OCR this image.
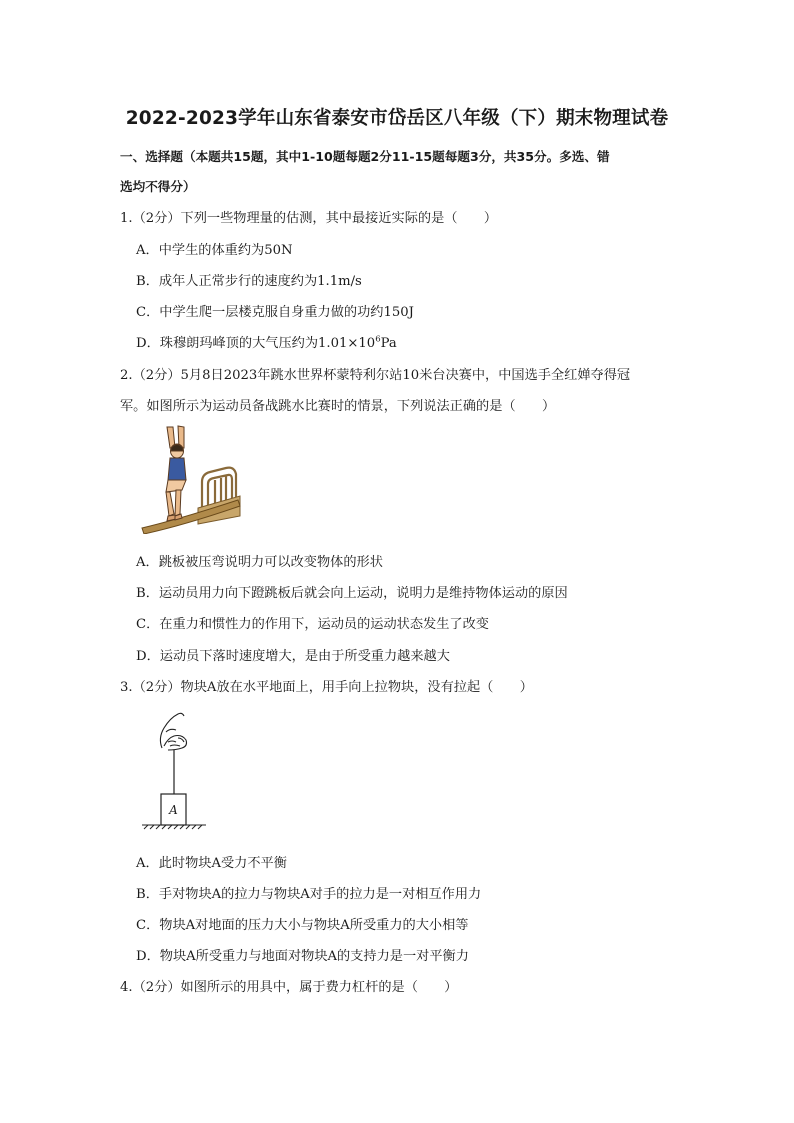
2022-2023学年山东省泰安市岱岳区八年级（下）期末物理试卷
一、选择题（本题共15题，其中1-10题每题2分11-15题每题3分，共35分。多选、错
选均不得分）
1.（2分）下列一些物理量的估测，其中最接近实际的是（　　）
A．中学生的体重约为50N
B．成年人正常步行的速度约为1.1m/s
C．中学生爬一层楼克服自身重力做的功约150J
D．珠穆朗玛峰顶的大气压约为$1.01\times 10^6Pa$
2.（2分）5月8日2023年跳水世界杯蒙特利尔站10米台决赛中，中国选手全红婵夺得冠
军。如图所示为运动员备战跳水比赛时的情景，下列说法正确的是（　　）
A．跳板被压弯说明力可以改变物体的形状
B．运动员用力向下蹬跳板后就会向上运动，说明力是维持物体运动的原因
C．在重力和惯性力的作用下，运动员的运动状态发生了改变
D．运动员下落时速度增大，是由于所受重力越来越大
3.（2分）物块A放在水平地面上，用手向上拉物块，没有拉起（　　）
A
A．此时物块A受力不平衡
B．手对物块A的拉力与物块A对手的拉力是一对相互作用力
C．物块A对地面的压力大小与物块A所受重力的大小相等
D．物块A所受重力与地面对物块A的支持力是一对平衡力
4.（2分）如图所示的用具中，属于费力杠杆的是（　　）
